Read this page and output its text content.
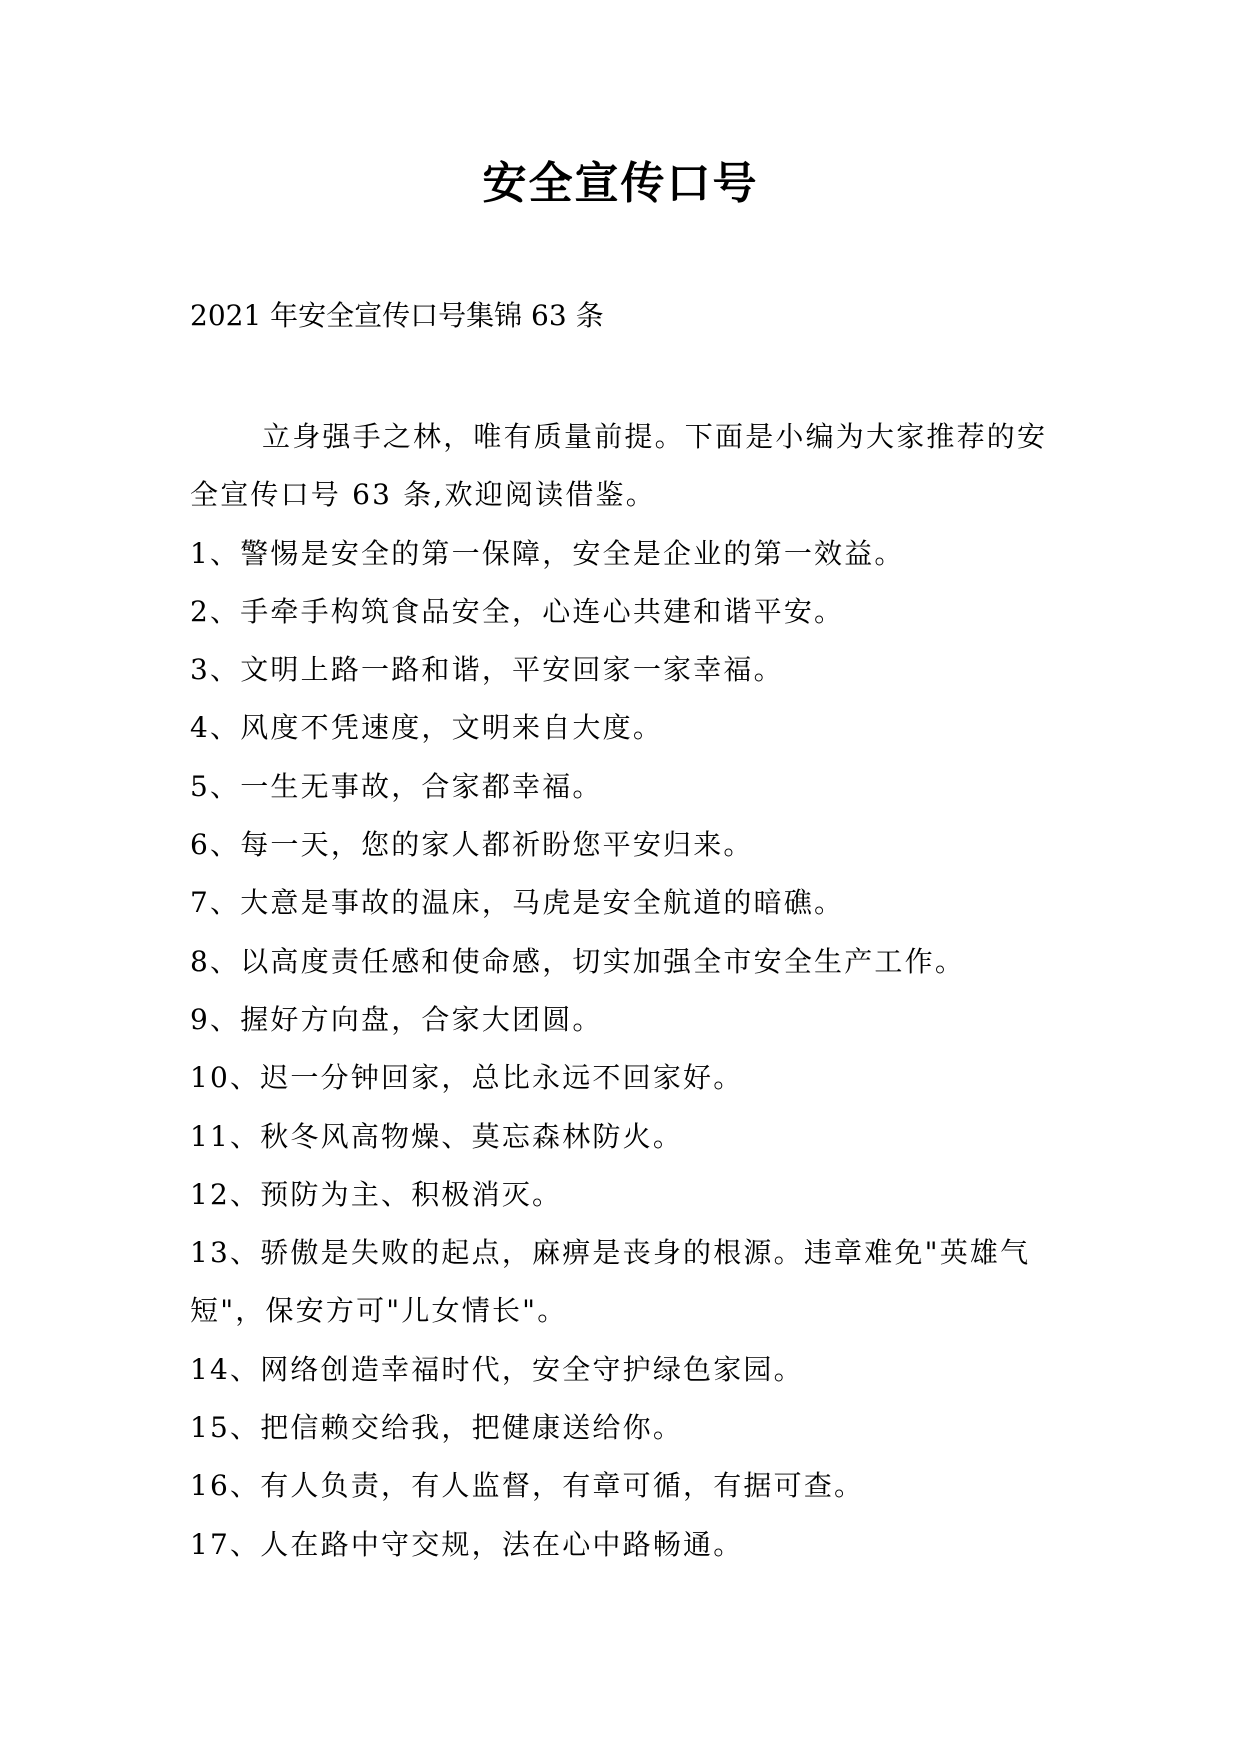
安全宣传口号

2021 年安全宣传口号集锦 63 条

立身强手之林，唯有质量前提。下面是小编为大家推荐的安全宣传口号 63 条,欢迎阅读借鉴。

1、警惕是安全的第一保障，安全是企业的第一效益。

2、手牵手构筑食品安全，心连心共建和谐平安。

3、文明上路一路和谐，平安回家一家幸福。

4、风度不凭速度，文明来自大度。

5、一生无事故，合家都幸福。

6、每一天，您的家人都祈盼您平安归来。

7、大意是事故的温床，马虎是安全航道的暗礁。

8、以高度责任感和使命感，切实加强全市安全生产工作。

9、握好方向盘，合家大团圆。

10、迟一分钟回家，总比永远不回家好。

11、秋冬风高物燥、莫忘森林防火。

12、预防为主、积极消灭。

13、骄傲是失败的起点，麻痹是丧身的根源。违章难免"英雄气短"，保安方可"儿女情长"。

14、网络创造幸福时代，安全守护绿色家园。

15、把信赖交给我，把健康送给你。

16、有人负责，有人监督，有章可循，有据可查。

17、人在路中守交规，法在心中路畅通。
